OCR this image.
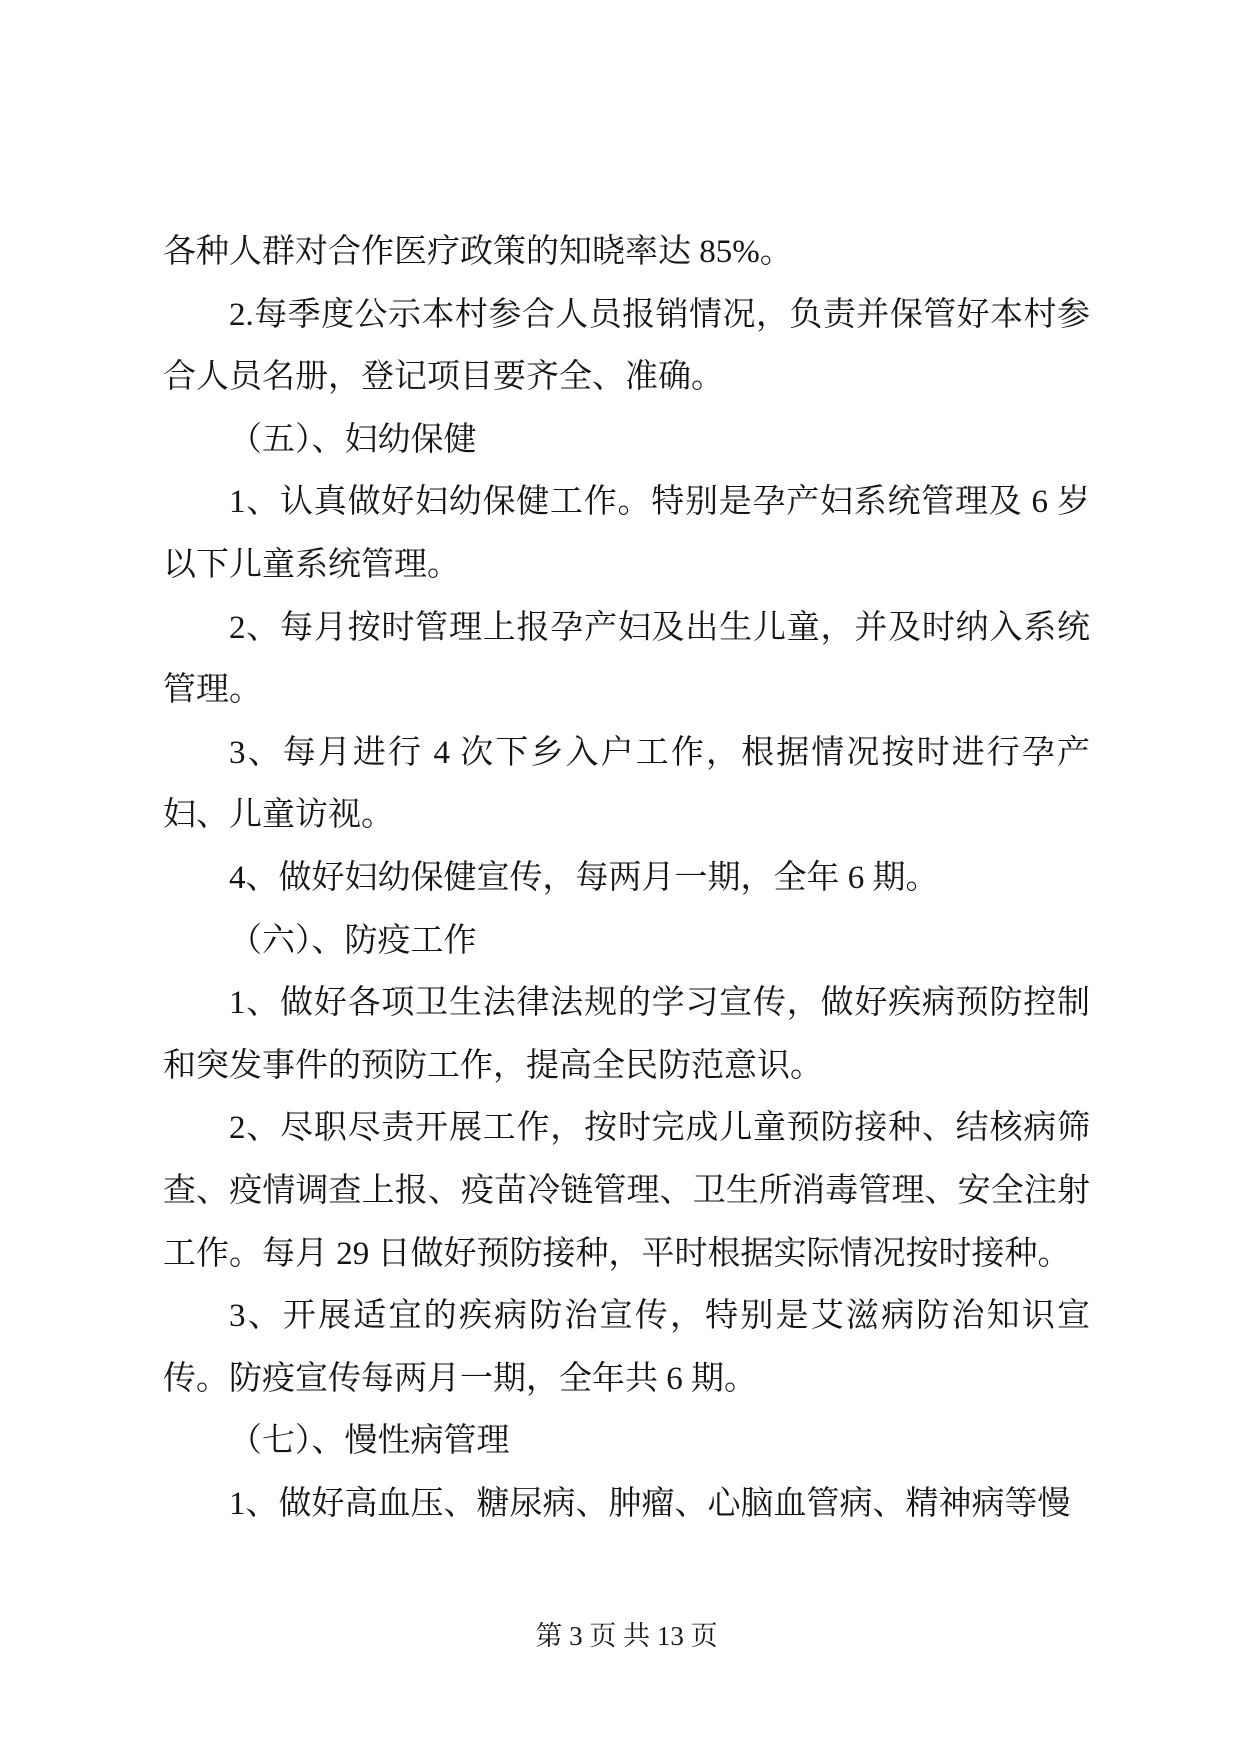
各种人群对合作医疗政策的知晓率达 85%。

2.每季度公示本村参合人员报销情况，负责并保管好本村参合人员名册，登记项目要齐全、准确。

（五）、妇幼保健

1、认真做好妇幼保健工作。特别是孕产妇系统管理及 6 岁以下儿童系统管理。

2、每月按时管理上报孕产妇及出生儿童，并及时纳入系统管理。

3、每月进行 4 次下乡入户工作，根据情况按时进行孕产妇、儿童访视。

4、做好妇幼保健宣传，每两月一期，全年 6 期。

（六）、防疫工作

1、做好各项卫生法律法规的学习宣传，做好疾病预防控制和突发事件的预防工作，提高全民防范意识。

2、尽职尽责开展工作，按时完成儿童预防接种、结核病筛查、疫情调查上报、疫苗冷链管理、卫生所消毒管理、安全注射工作。每月 29 日做好预防接种，平时根据实际情况按时接种。

3、开展适宜的疾病防治宣传，特别是艾滋病防治知识宣传。防疫宣传每两月一期，全年共 6 期。

（七）、慢性病管理

1、做好高血压、糖尿病、肿瘤、心脑血管病、精神病等慢

第 3 页 共 13 页
